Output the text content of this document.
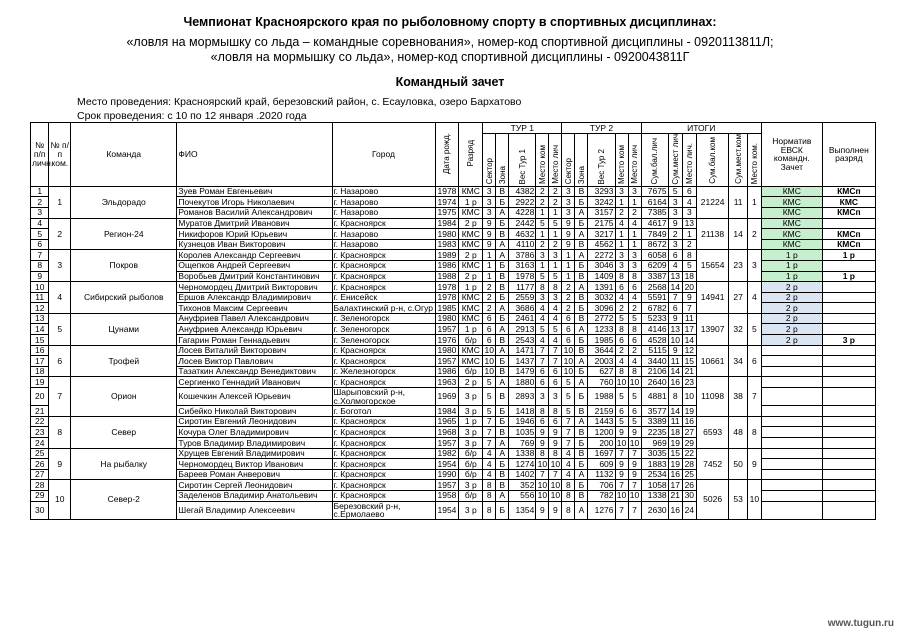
Чемпионат Красноярского края по рыболовному спорту в спортивных дисциплинах:
«ловля на мормышку со льда – командные соревнования», номер-код спортивной дисциплины - 0920113811Л;
«ловля на мормышку со льда», номер-код спортивной дисциплины - 0920043811Г
Командный зачет
Место проведения: Красноярский край, березовский район, с. Есауловка, озеро Бархатово
Срок проведения: с 10 по 12 января .2020 года
№ п/п личн.	№ п/п ком.	Команда	ФИО	Город	Дата рожд.	Разряд	ТУР 1					ТУР 2					ИТОГИ						Норматив ЕВСК командн. Зачет	Выполнен разряд
							Сектор	Зона	Вес Тур 1	Место ком	Место лич	Сектор	Зона	Вес Тур 2	Место ком	Место лич	Сум.бал.лич	Сум.мест лич	Место лич.	Сум.бал.ком	Сум.мест.ком	Место ком.		
1	1	Эльдорадо	Зуев Роман Евгеньевич	г. Назарово	1978	КМС	3	В	4382	2	2	3	В	3293	3	3	7675	5	6	21224	11	1	КМС	КМСп
2			Почекутов Игорь Николаевич	г. Назарово	1974	1 р	3	Б	2922	2	2	3	Б	3242	1	1	6164	3	4				КМС	КМС
3			Романов Василий Александрович	г. Назарово	1975	КМС	3	А	4228	1	1	3	А	3157	2	2	7385	3	3				КМС	КМСп
4	2	Регион-24	Муратов Дмитрий Иванович	г. Красноярск	1984	2 р	9	Б	2442	5	5	9	Б	2175	4	4	4617	9	13	21138	14	2	КМС	
5			Никифоров Юрий Юрьевич	г. Назарово	1980	КМС	9	В	4632	1	1	9	А	3217	1	1	7849	2	1				КМС	КМСп
6			Кузнецов Иван Викторович	г. Назарово	1983	КМС	9	А	4110	2	2	9	В	4562	1	1	8672	3	2				КМС	КМСп
7	3	Покров	Королев Александр Сергеевич	г. Красноярск	1989	2 р	1	А	3786	3	3	1	А	2272	3	3	6058	6	8	15654	23	3	1 р	1 р
8			Ощепков Андрей Сергеевич	г. Красноярск	1986	КМС	1	Б	3163	1	1	1	Б	3046	3	3	6209	4	5				1 р	
9			Воробьев Дмитрий Константинович	г. Красноярск	1988	2 р	1	В	1978	5	5	1	В	1409	8	8	3387	13	18				1 р	1 р
10	4	Сибирский рыболов	Черномордец Дмитрий Викторович	г. Красноярск	1978	1 р	2	В	1177	8	8	2	А	1391	6	6	2568	14	20	14941	27	4	2 р	
11			Ершов Александр Владимирович	г. Енисейск	1978	КМС	2	Б	2559	3	3	2	В	3032	4	4	5591	7	9				2 р	
12			Тихонов Максим Сергеевич	Балахтинский р-н, с.Огур	1985	КМС	2	А	3686	4	4	2	Б	3096	2	2	6782	6	7				2 р	
13	5	Цунами	Ануфриев Павел Александрович	г. Зеленогорск	1980	КМС	6	Б	2461	4	4	6	В	2772	5	5	5233	9	11	13907	32	5	2 р	
14			Ануфриев Александр Юрьевич	г. Зеленогорск	1957	1 р	6	А	2913	5	5	6	А	1233	8	8	4146	13	17				2 р	
15			Гагарин Роман Геннадьевич	г. Зеленогорск	1976	б/р	6	В	2543	4	4	6	Б	1985	6	6	4528	10	14				2 р	3 р
16	6	Трофей	Лосев Виталий Викторович	г. Красноярск	1980	КМС	10	А	1471	7	7	10	В	3644	2	2	5115	9	12	10661	34	6		
17			Лосев Виктор Павлович	г. Красноярск	1957	КМС	10	Б	1437	7	7	10	А	2003	4	4	3440	11	15					
18			Тазаткин Александр Венедиктович	г. Железногорск	1986	б/р	10	В	1479	6	6	10	Б	627	8	8	2106	14	21					
19	7	Орион	Сергиенко Геннадий Иванович	г. Красноярск	1963	2 р	5	А	1880	6	6	5	А	760	10	10	2640	16	23	11098	38	7		
20			Кошечкин Алексей Юрьевич	Шарыповский р-н, с.Холмогорское	1969	3 р	5	В	2893	3	3	5	Б	1988	5	5	4881	8	10					
21			Сибейко Николай Викторович	г. Боготол	1984	3 р	5	Б	1418	8	8	5	В	2159	6	6	3577	14	19					
22	8	Север	Сиротин Евгений Леонидович	г. Красноярск	1965	1 р	7	Б	1946	6	6	7	А	1443	5	5	3389	11	16	6593	48	8		
23			Кочура Олег Владимирович	г. Красноярск	1968	3 р	7	В	1035	9	9	7	В	1200	9	9	2235	18	27					
24			Туров Владимир Владимирович	г. Красноярск	1957	3 р	7	А	769	9	9	7	Б	200	10	10	969	19	29					
25	9	На рыбалку	Хрущев Евгений Владимирович	г. Красноярск	1982	б/р	4	А	1338	8	8	4	В	1697	7	7	3035	15	22	7452	50	9		
26			Черномордец Виктор Иванович	г. Красноярск	1954	б/р	4	Б	1274	10	10	4	Б	609	9	9	1883	19	28					
27			Бареев Роман Анверович	г. Красноярск	1990	б/р	4	В	1402	7	7	4	А	1132	9	9	2534	16	25					
28	10	Север-2	Сиротин Сергей Леонидович	г. Красноярск	1957	3 р	8	В	352	10	10	8	Б	706	7	7	1058	17	26	5026	53	10		
29			Заделенов Владимир Анатольевич	г. Красноярск	1958	б/р	8	А	556	10	10	8	В	782	10	10	1338	21	30					
30			Шегай Владимир Алексеевич	Березовский р-н, с.Ермолаево	1954	3 р	8	Б	1354	9	9	8	А	1276	7	7	2630	16	24					
www.tugun.ru
